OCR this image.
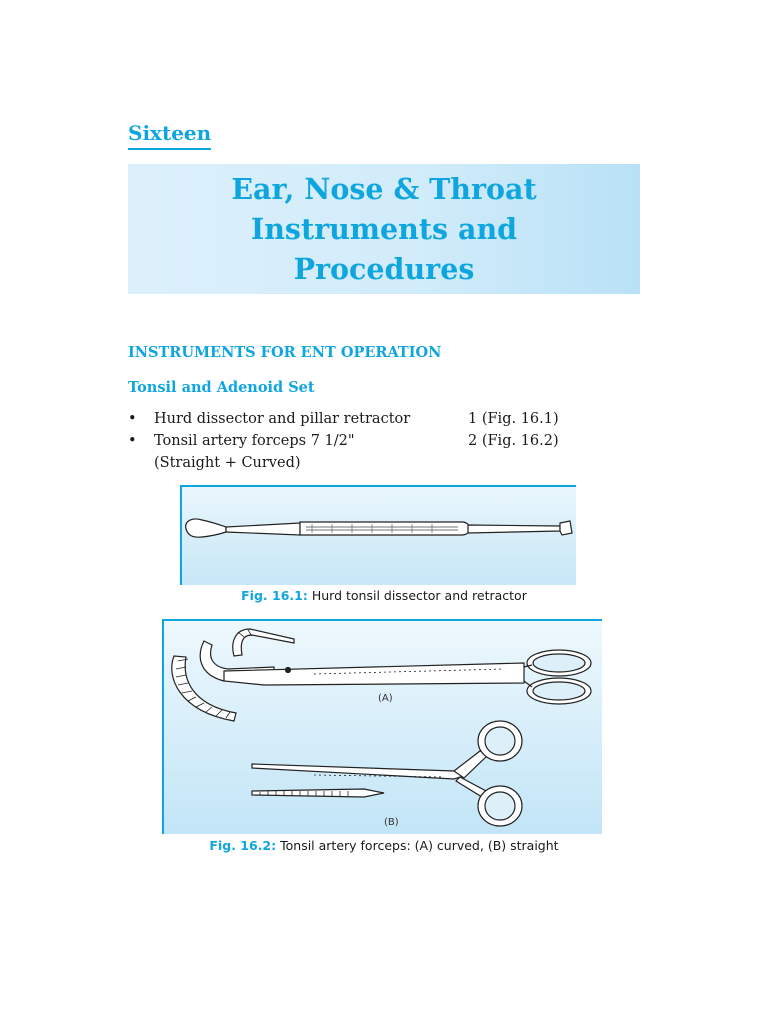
Sixteen
Ear, Nose & Throat
Instruments and
Procedures
INSTRUMENTS FOR ENT OPERATION
Tonsil and Adenoid Set
• Hurd dissector and pillar retractor	1 (Fig. 16.1)
• Tonsil artery forceps 7 1/2"	2 (Fig. 16.2)

(Straight + Curved)

Fig. 16.1: Hurd tonsil dissector and retractor

(A)
(B)

Fig. 16.2: Tonsil artery forceps: (A) curved, (B) straight
